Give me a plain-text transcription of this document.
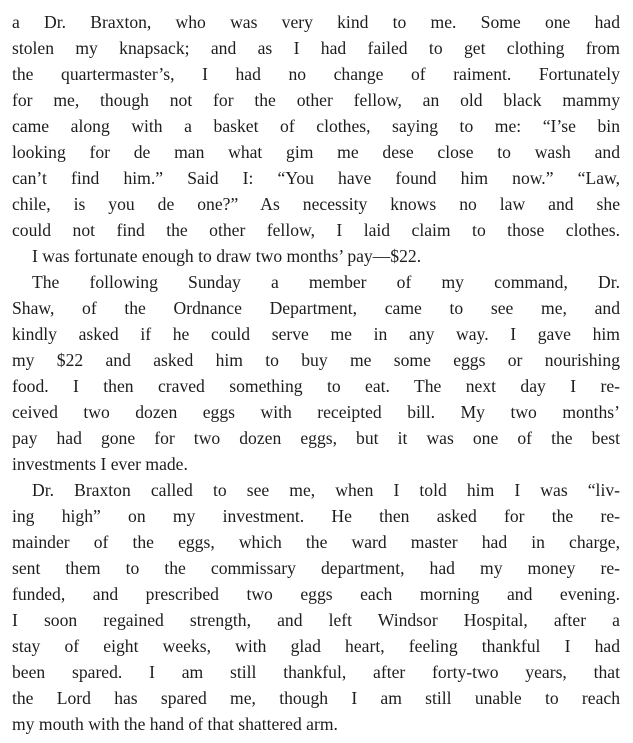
a Dr. Braxton, who was very kind to me. Some one had
stolen my knapsack; and as I had failed to get clothing from
the quartermaster’s, I had no change of raiment. Fortunately
for me, though not for the other fellow, an old black mammy
came along with a basket of clothes, saying to me: “I’se bin
looking for de man what gim me dese close to wash and
can’t find him.” Said I: “You have found him now.” “Law,
chile, is you de one?” As necessity knows no law and she
could not find the other fellow, I laid claim to those clothes.
I was fortunate enough to draw two months’ pay—$22.
The following Sunday a member of my command, Dr.
Shaw, of the Ordnance Department, came to see me, and
kindly asked if he could serve me in any way. I gave him
my $22 and asked him to buy me some eggs or nourishing
food. I then craved something to eat. The next day I re-
ceived two dozen eggs with receipted bill. My two months’
pay had gone for two dozen eggs, but it was one of the best
investments I ever made.
Dr. Braxton called to see me, when I told him I was “liv-
ing high” on my investment. He then asked for the re-
mainder of the eggs, which the ward master had in charge,
sent them to the commissary department, had my money re-
funded, and prescribed two eggs each morning and evening.
I soon regained strength, and left Windsor Hospital, after a
stay of eight weeks, with glad heart, feeling thankful I had
been spared. I am still thankful, after forty-two years, that
the Lord has spared me, though I am still unable to reach
my mouth with the hand of that shattered arm.
